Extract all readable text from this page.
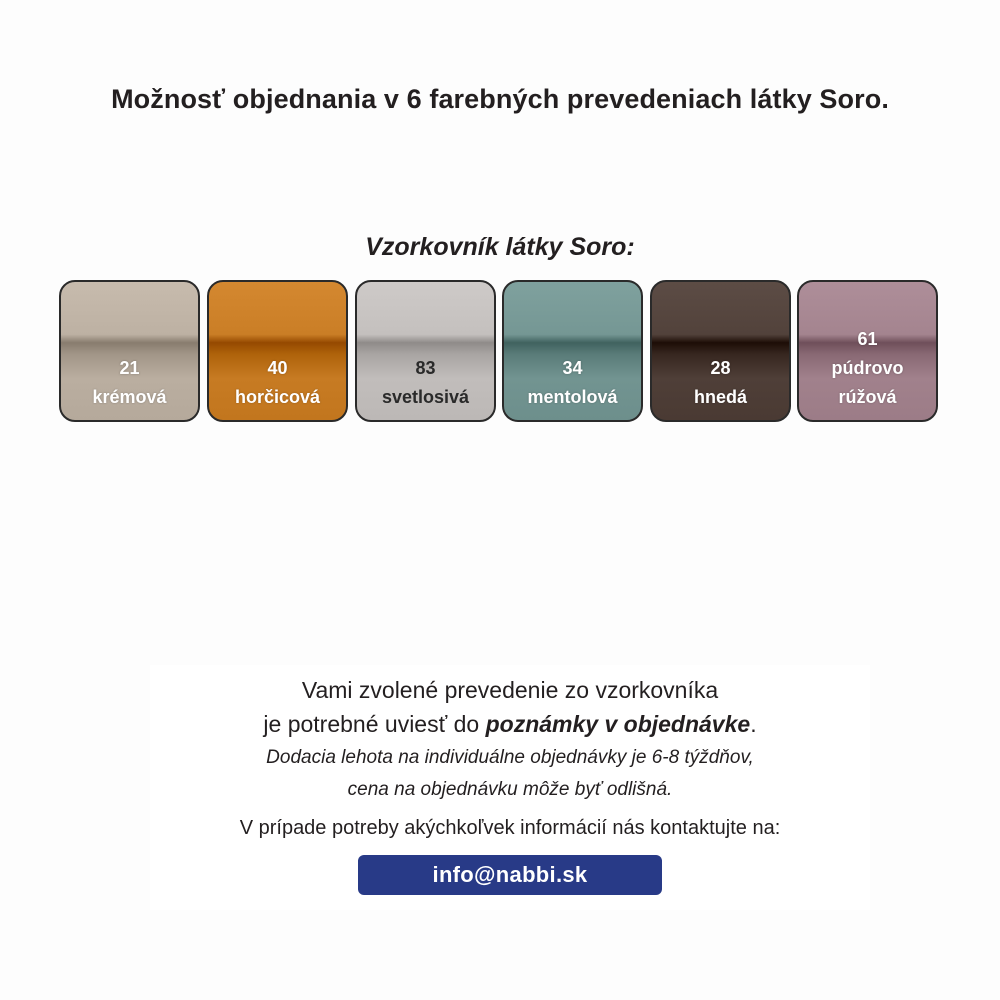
Možnosť objednania v 6 farebných prevedeniach látky Soro.
Vzorkovník látky Soro:
21
krémová
40
horčicová
83
svetlosivá
34
mentolová
28
hnedá
61
púdrovo
rúžová
Vami zvolené prevedenie zo vzorkovníka
je potrebné uviesť do poznámky v objednávke.
Dodacia lehota na individuálne objednávky je 6-8 týždňov,
cena na objednávku môže byť odlišná.
V prípade potreby akýchkoľvek informácií nás kontaktujte na:
info@nabbi.sk
